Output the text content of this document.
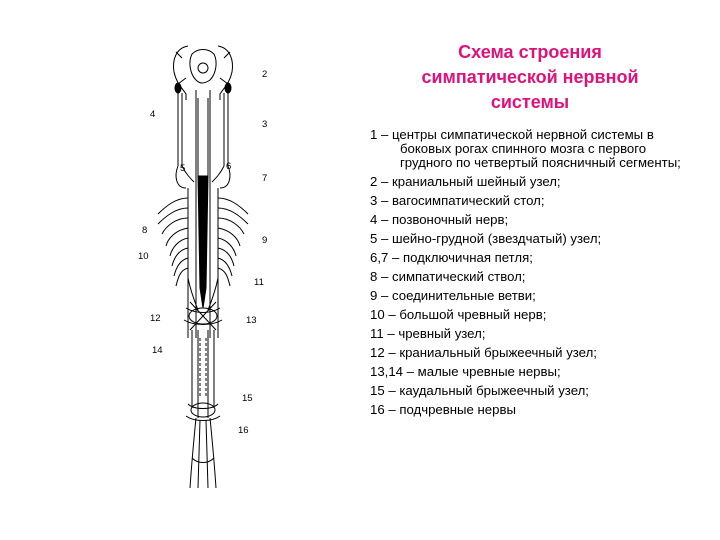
2
4
3
5	6
7
8
9
10
11
12	13
14
15
16
Схема строения
симпатической нервной
системы
1 – центры симпатической нервной системы в боковых рогах спинного мозга с первого грудного по четвертый поясничный сегменты;
2 – краниальный шейный узел;
3 – вагосимпатический стол;
4 – позвоночный нерв;
5 – шейно-грудной (звездчатый) узел;
6,7 – подключичная петля;
8 – симпатический ствол;
9 – соединительные ветви;
10 – большой чревный нерв;
11 – чревный узел;
12 – краниальный брыжеечный узел;
13,14 – малые чревные нервы;
15 – каудальный брыжеечный узел;
16 – подчревные нервы
